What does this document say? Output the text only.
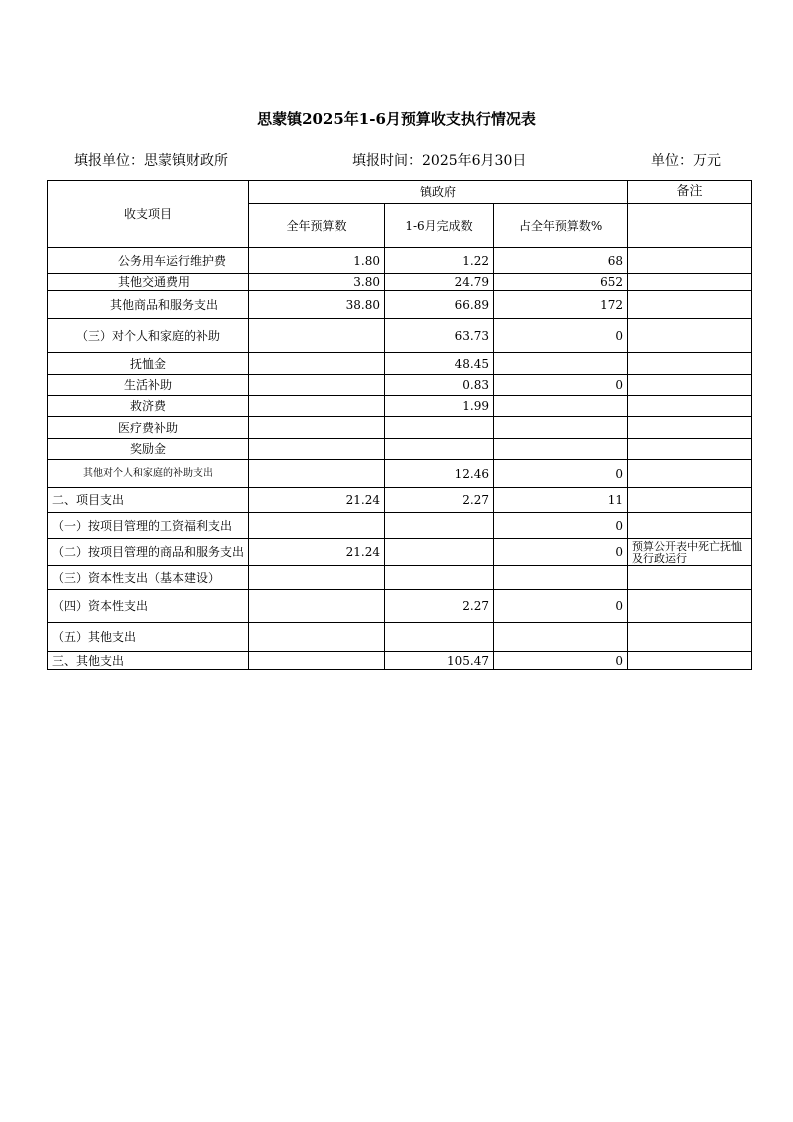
思蒙镇2025年1-6月预算收支执行情况表
填报单位：思蒙镇财政所	填报时间：2025年6月30日	单位：万元
收支项目	镇政府			备注
	全年预算数	1-6月完成数	占全年预算数%	
公务用车运行维护费	1.80	1.22	68	
其他交通费用	3.80	24.79	652	
其他商品和服务支出	38.80	66.89	172	
（三）对个人和家庭的补助		63.73	0	
抚恤金		48.45		
生活补助		0.83	0	
救济费		1.99		
医疗费补助				
奖励金				
其他对个人和家庭的补助支出		12.46	0	
二、项目支出	21.24	2.27	11	
（一）按项目管理的工资福利支出			0	
（二）按项目管理的商品和服务支出	21.24		0	预算公开表中死亡抚恤及行政运行
（三）资本性支出（基本建设）				
（四）资本性支出		2.27	0	
（五）其他支出				
三、其他支出		105.47	0	
